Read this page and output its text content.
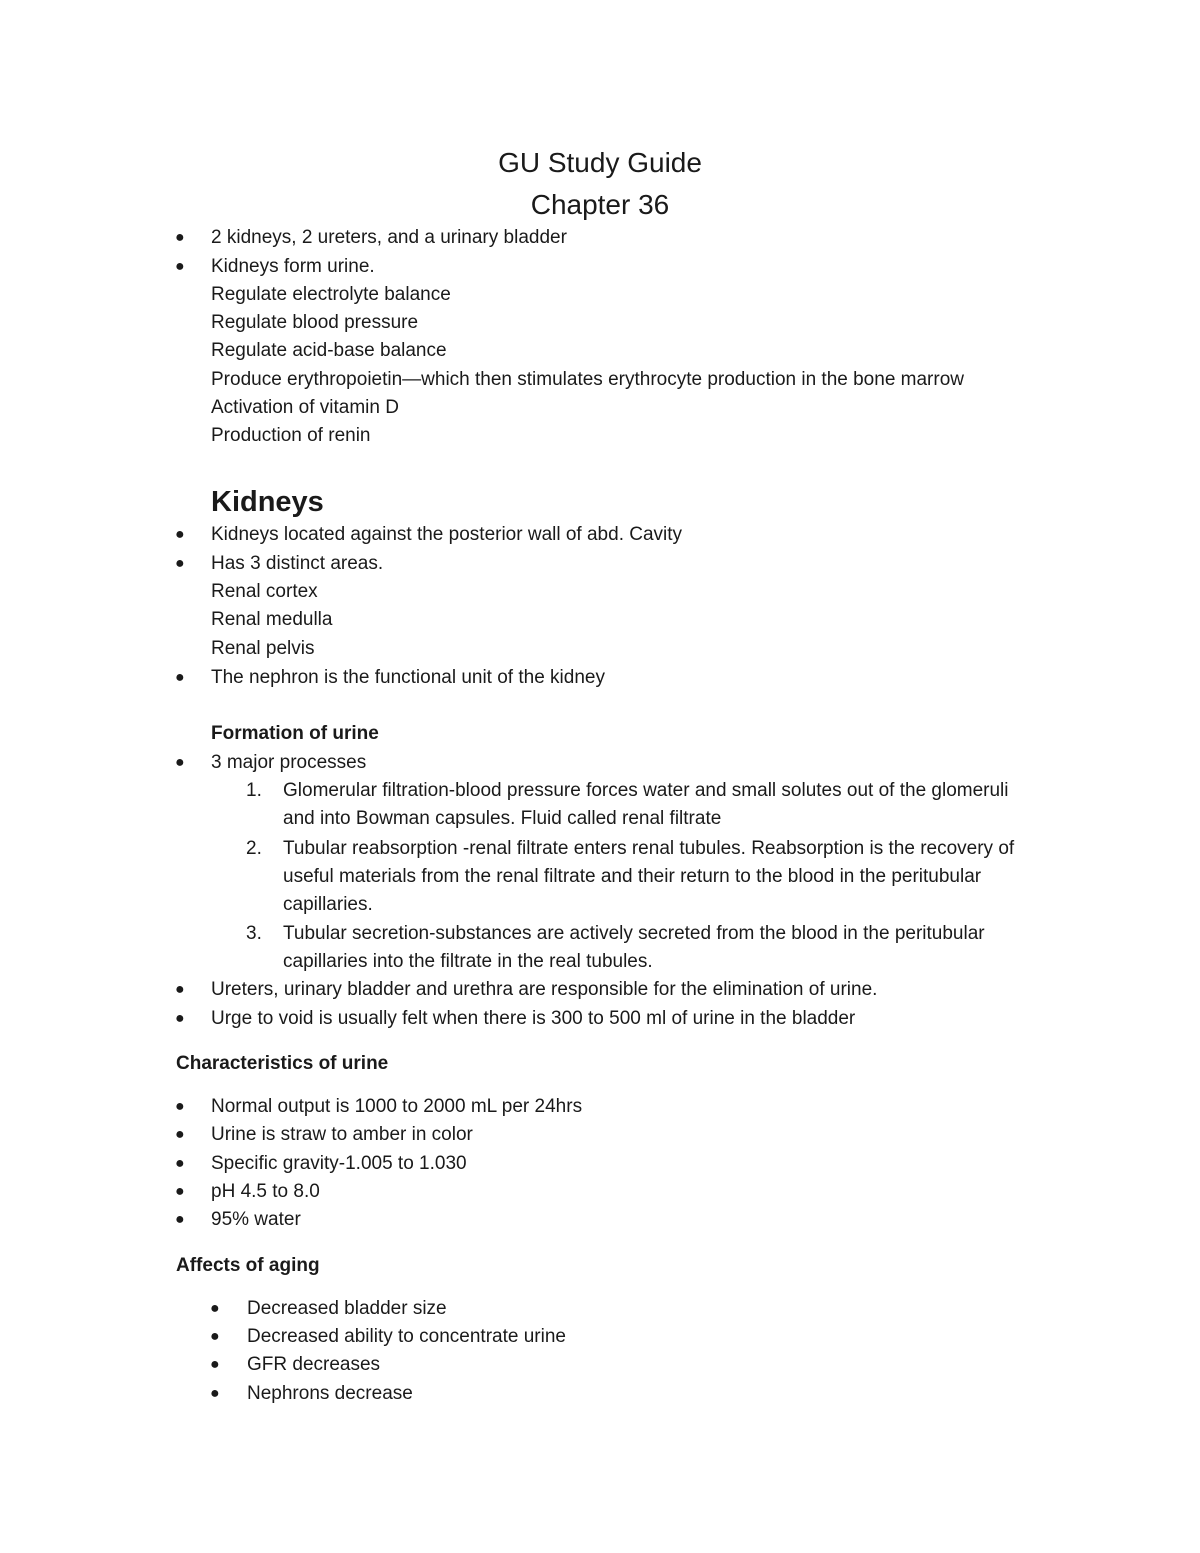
GU Study Guide
Chapter 36
● 2 kidneys, 2 ureters, and a urinary bladder
● Kidneys form urine.
Regulate electrolyte balance
Regulate blood pressure
Regulate acid-base balance
Produce erythropoietin—which then stimulates erythrocyte production in the bone marrow
Activation of vitamin D
Production of renin
Kidneys
● Kidneys located against the posterior wall of abd. Cavity
● Has 3 distinct areas.
Renal cortex
Renal medulla
Renal pelvis
● The nephron is the functional unit of the kidney
Formation of urine
● 3 major processes
1. Glomerular filtration-blood pressure forces water and small solutes out of the glomeruli
and into Bowman capsules. Fluid called renal filtrate
2. Tubular reabsorption -renal filtrate enters renal tubules. Reabsorption is the recovery of
useful materials from the renal filtrate and their return to the blood in the peritubular
capillaries.
3. Tubular secretion-substances are actively secreted from the blood in the peritubular
capillaries into the filtrate in the real tubules.
● Ureters, urinary bladder and urethra are responsible for the elimination of urine.
● Urge to void is usually felt when there is 300 to 500 ml of urine in the bladder
Characteristics of urine
● Normal output is 1000 to 2000 mL per 24hrs
● Urine is straw to amber in color
● Specific gravity-1.005 to 1.030
● pH 4.5 to 8.0
● 95% water
Affects of aging
● Decreased bladder size
● Decreased ability to concentrate urine
● GFR decreases
● Nephrons decrease
